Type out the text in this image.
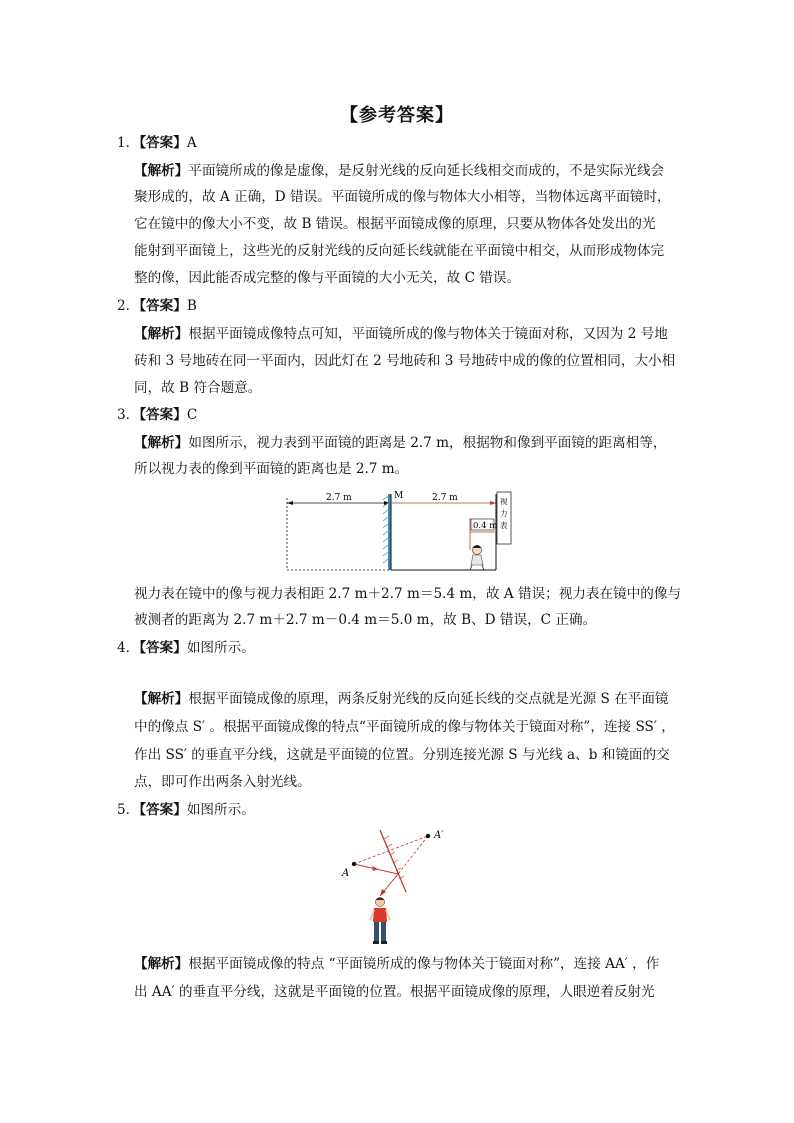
【参考答案】
1．【答案】A
【解析】平面镜所成的像是虚像，是反射光线的反向延长线相交而成的，不是实际光线会
聚形成的，故 A 正确，D 错误。平面镜所成的像与物体大小相等，当物体远离平面镜时，
它在镜中的像大小不变，故 B 错误。根据平面镜成像的原理，只要从物体各处发出的光
能射到平面镜上，这些光的反射光线的反向延长线就能在平面镜中相交，从而形成物体完
整的像，因此能否成完整的像与平面镜的大小无关，故 C 错误。
2．【答案】B
【解析】根据平面镜成像特点可知，平面镜所成的像与物体关于镜面对称，又因为 2 号地
砖和 3 号地砖在同一平面内，因此灯在 2 号地砖和 3 号地砖中成的像的位置相同，大小相
同，故 B 符合题意。
3．【答案】C
【解析】如图所示，视力表到平面镜的距离是 2.7 m，根据物和像到平面镜的距离相等，
所以视力表的像到平面镜的距离也是 2.7 m。
2.7 m	M	2.7 m	视
力
表
0.4 m
视力表在镜中的像与视力表相距 2.7 m＋2.7 m＝5.4 m，故 A 错误；视力表在镜中的像与
被测者的距离为 2.7 m＋2.7 m－0.4 m＝5.0 m，故 B、D 错误，C 正确。
4．【答案】如图所示。
【解析】根据平面镜成像的原理，两条反射光线的反向延长线的交点就是光源 S 在平面镜
中的像点 S′ 。根据平面镜成像的特点“平面镜所成的像与物体关于镜面对称”，连接 SS′ ，
作出 SS′ 的垂直平分线，这就是平面镜的位置。分别连接光源 S 与光线 a、b 和镜面的交
点，即可作出两条入射光线。
5．【答案】如图所示。
A
A′
【解析】根据平面镜成像的特点 “平面镜所成的像与物体关于镜面对称”，连接 AA′ ，作
出 AA′ 的垂直平分线，这就是平面镜的位置。根据平面镜成像的原理，人眼逆着反射光
